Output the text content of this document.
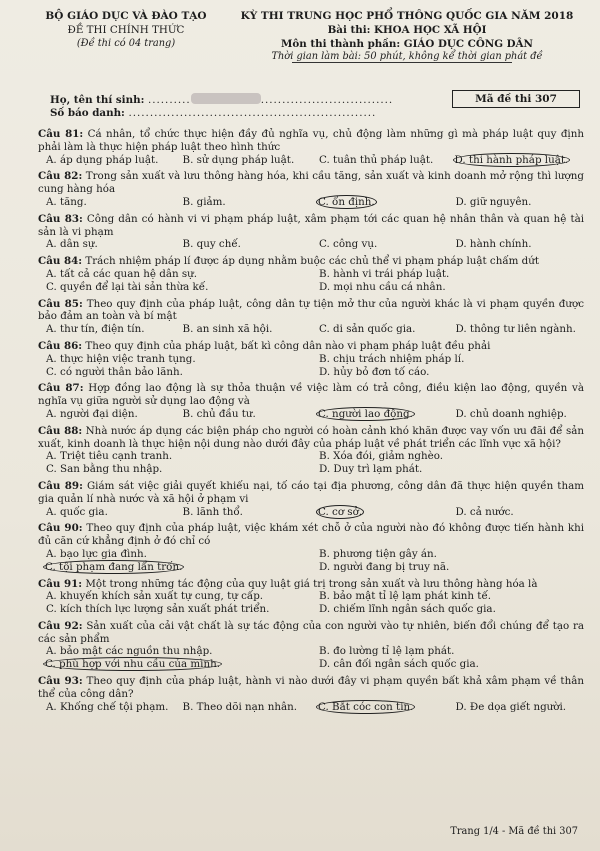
BỘ GIÁO DỤC VÀ ĐÀO TẠO
ĐỀ THI CHÍNH THỨC
(Đề thi có 04 trang)
KỲ THI TRUNG HỌC PHỔ THÔNG QUỐC GIA NĂM 2018
Bài thi: KHOA HỌC XÃ HỘI
Môn thi thành phần: GIÁO DỤC CÔNG DÂN
Thời gian làm bài: 50 phút, không kể thời gian phát đề
Họ, tên thí sinh: ..........	...............................
Số báo danh: ..........................................................
Mã đề thi 307
Câu 81: Cá nhân, tổ chức thực hiện đầy đủ nghĩa vụ, chủ động làm những gì mà pháp luật quy định phải làm là thực hiện pháp luật theo hình thức
A. áp dụng pháp luật.	B. sử dụng pháp luật.	C. tuân thủ pháp luật.	D. thi hành pháp luật.
Câu 82: Trong sản xuất và lưu thông hàng hóa, khi cầu tăng, sản xuất và kinh doanh mở rộng thì lượng cung hàng hóa
A. tăng.	B. giảm.	C. ổn định.	D. giữ nguyên.
Câu 83: Công dân có hành vi vi phạm pháp luật, xâm phạm tới các quan hệ nhân thân và quan hệ tài sản là vi phạm
A. dân sự.	B. quy chế.	C. công vụ.	D. hành chính.
Câu 84: Trách nhiệm pháp lí được áp dụng nhằm buộc các chủ thể vi phạm pháp luật chấm dứt
A. tất cả các quan hệ dân sự.	B. hành vi trái pháp luật.
C. quyền để lại tài sản thừa kế.	D. mọi nhu cầu cá nhân.
Câu 85: Theo quy định của pháp luật, công dân tự tiện mở thư của người khác là vi phạm quyền được bảo đảm an toàn và bí mật
A. thư tín, điện tín.	B. an sinh xã hội.	C. di sản quốc gia.	D. thông tư liên ngành.
Câu 86: Theo quy định của pháp luật, bất kì công dân nào vi phạm pháp luật đều phải
A. thực hiện việc tranh tụng.	B. chịu trách nhiệm pháp lí.
C. có người thân bảo lãnh.	D. hủy bỏ đơn tố cáo.
Câu 87: Hợp đồng lao động là sự thỏa thuận về việc làm có trả công, điều kiện lao động, quyền và nghĩa vụ giữa người sử dụng lao động và
A. người đại diện.	B. chủ đầu tư.	C. người lao động.	D. chủ doanh nghiệp.
Câu 88: Nhà nước áp dụng các biện pháp cho người có hoàn cảnh khó khăn được vay vốn ưu đãi để sản xuất, kinh doanh là thực hiện nội dung nào dưới đây của pháp luật về phát triển các lĩnh vực xã hội?
A. Triệt tiêu cạnh tranh.	B. Xóa đói, giảm nghèo.
C. San bằng thu nhập.	D. Duy trì lạm phát.
Câu 89: Giám sát việc giải quyết khiếu nại, tố cáo tại địa phương, công dân đã thực hiện quyền tham gia quản lí nhà nước và xã hội ở phạm vi
A. quốc gia.	B. lãnh thổ.	C. cơ sở.	D. cả nước.
Câu 90: Theo quy định của pháp luật, việc khám xét chỗ ở của người nào đó không được tiến hành khi đủ căn cứ khẳng định ở đó chỉ có
A. bạo lực gia đình.	B. phương tiện gây án.
C. tội phạm đang lẩn trốn.	D. người đang bị truy nã.
Câu 91: Một trong những tác động của quy luật giá trị trong sản xuất và lưu thông hàng hóa là
A. khuyến khích sản xuất tự cung, tự cấp.	B. bảo mật tỉ lệ lạm phát kinh tế.
C. kích thích lực lượng sản xuất phát triển.	D. chiếm lĩnh ngân sách quốc gia.
Câu 92: Sản xuất của cải vật chất là sự tác động của con người vào tự nhiên, biến đổi chúng để tạo ra các sản phẩm
A. bảo mật các nguồn thu nhập.	B. đo lường tỉ lệ lạm phát.
C. phù hợp với nhu cầu của mình.	D. cân đối ngân sách quốc gia.
Câu 93: Theo quy định của pháp luật, hành vi nào dưới đây vi phạm quyền bất khả xâm phạm về thân thể của công dân?
A. Khống chế tội phạm.	B. Theo dõi nạn nhân.	C. Bắt cóc con tin.	D. Đe dọa giết người.
Trang 1/4 - Mã đề thi 307
